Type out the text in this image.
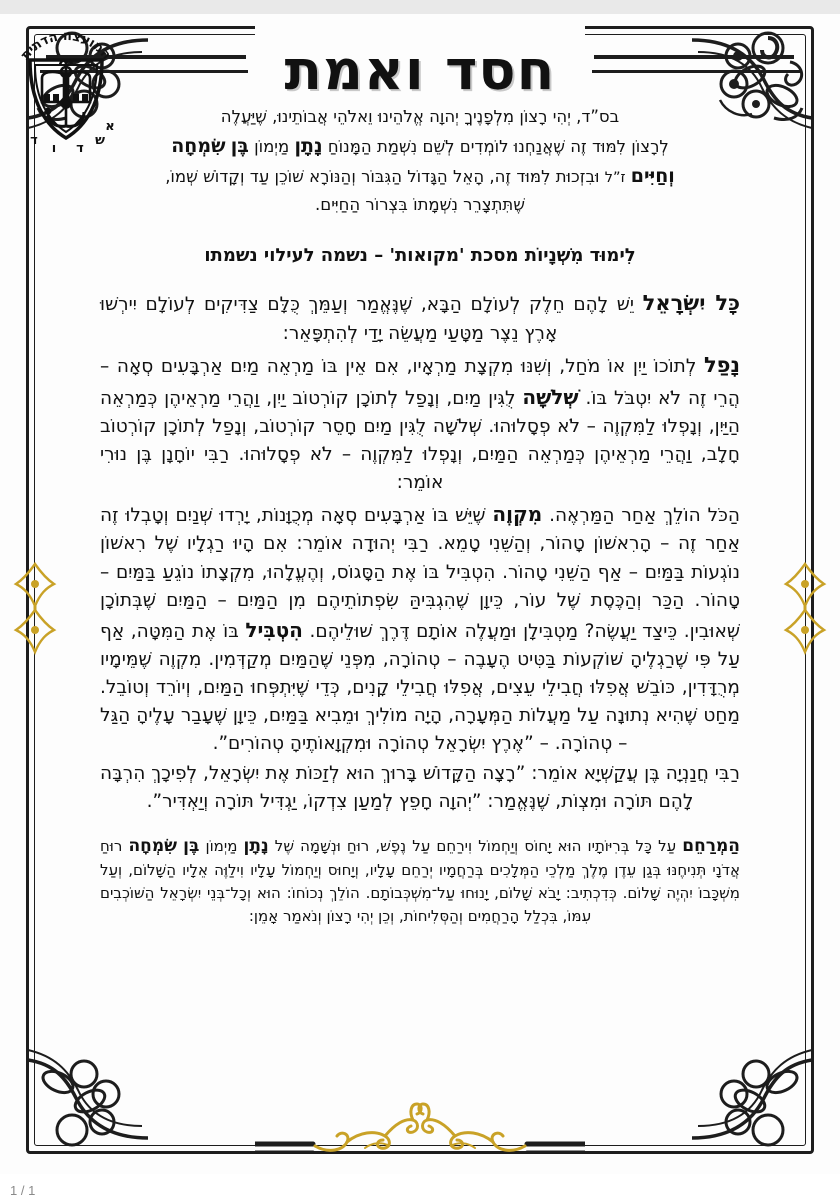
המועצה הדתית
א
ש
ד
ו
ד
חסד ואמת
בס”ד, יְהִי רָצוֹן מִלְפָנֶיךָ יְהוָה אֱלֹהֵינוּ וֵאלֹהֵי אֲבוֹתֵינוּ, שֶׁיַּעֲלֶה
לְרָצוֹן לִמּוּד זֶה שֶׁאֲנַחְנוּ לוֹמְדִים לְשֵׁם נִשְׁמַת הַמָּנוֹחַ נָתָן מַיְמוֹן בֶּן שִׂמְחָה
וְחַיִּים ז”ל וּבִזְכוּת לִמּוּד זֶה, הָאֵל הַגָּדוֹל הַגִּבּוֹר וְהַנּוֹרָא שׁוֹכֵן עַד וְקָדוֹשׁ שְׁמוֹ,
שֶׁתִּתְצָרֵר נִשְׁמָתוֹ בִּצְרוֹר הַחַיִּים.
לִימוּד מִשְׁנָיוֹת מסכת 'מקואות' – נשמה לעילוי נשמתו

כָּל יִשְׂרָאֵל יֵשׁ לָהֶם חֵלֶק לְעוֹלָם הַבָּא, שֶׁנֶּאֱמַר וְעַמֵּךְ כֻּלָּם צַדִּיקִים לְעוֹלָם יִירְשׁוּ אָרֶץ נֵצֶר מַטָּעַי מַעֲשֵׂה יָדַי לְהִתְפָּאֵר:

נָפַל לְתוֹכוֹ יַיִן אוֹ מֹחַל, וְשִׁנּוּ מִקְצָת מַרְאָיו, אִם אֵין בּוֹ מַרְאֵה מַיִם אַרְבָּעִים סְאָה – הֲרֵי זֶה לֹא יִטְבֹּל בּוֹ. שְׁלֹשָׁה לֻגִּין מַיִם, וְנָפַל לְתוֹכָן קוֹרְטוֹב יַיִן, וַהֲרֵי מַרְאֵיהֶן כְּמַרְאֵה הַיַּיִן, וְנָפְלוּ לַמִּקְוֶה – לֹא פְסָלוּהוּ. שְׁלֹשָׁה לֻגִּין מַיִם חָסֵר קוֹרְטוֹב, וְנָפַל לְתוֹכָן קוֹרְטוֹב חָלָב, וַהֲרֵי מַרְאֵיהֶן כְּמַרְאֵה הַמַּיִם, וְנָפְלוּ לַמִּקְוֶה – לֹא פְסָלוּהוּ. רַבִּי יוֹחָנָן בֶּן נוּרִי אוֹמֵר:

הַכֹּל הוֹלֵךְ אַחַר הַמַּרְאֶה. מִקְוֶה שֶׁיֵּשׁ בּוֹ אַרְבָּעִים סְאָה מְכֻוָּנוֹת, יָרְדוּ שְׁנַיִם וְטָבְלוּ זֶה אַחַר זֶה – הָרִאשׁוֹן טָהוֹר, וְהַשֵּׁנִי טָמֵא. רַבִּי יְהוּדָה אוֹמֵר: אִם הָיוּ רַגְלָיו שֶׁל רִאשׁוֹן נוֹגְעוֹת בַּמַּיִם – אַף הַשֵּׁנִי טָהוֹר. הִטְבִּיל בּוֹ אֶת הַסָּגוֹס, וְהֶעֱלָהוּ, מִקְצָתוֹ נוֹגֵעַ בַּמַּיִם – טָהוֹר. הַכַּר וְהַכֶּסֶת שֶׁל עוֹר, כֵּיוָן שֶׁהִגְבִּיהַּ שִׂפְתוֹתֵיהֶם מִן הַמַּיִם – הַמַּיִם שֶׁבְּתוֹכָן שְׁאוּבִין. כֵּיצַד יַעֲשֶׂה? מַטְבִּילָן וּמַעֲלֶה אוֹתָם דֶּרֶךְ שׁוּלֵיהֶם. הִטְבִּיל בּוֹ אֶת הַמִּטָּה, אַף עַל פִּי שֶׁרַגְלֶיהָ שׁוֹקְעוֹת בַּטִּיט הֶעָבֶה – טְהוֹרָה, מִפְּנֵי שֶׁהַמַּיִם מְקַדְּמִין. מִקְוֶה שֶׁמֵּימָיו מְרֻדָּדִין, כּוֹבֵשׁ אֲפִלּוּ חֲבִילֵי עֵצִים, אֲפִלּוּ חֲבִילֵי קָנִים, כְּדֵי שֶׁיִּתְפְּחוּ הַמַּיִם, וְיוֹרֵד וְטוֹבֵל. מַחַט שֶׁהִיא נְתוּנָה עַל מַעֲלוֹת הַמְּעָרָה, הָיָה מוֹלִיךְ וּמֵבִיא בַּמַּיִם, כֵּיוָן שֶׁעָבַר עָלֶיהָ הַגַּל – טְהוֹרָה. – ”אֶרֶץ יִשְׂרָאֵל טְהוֹרָה וּמִקְוָאוֹתֶיהָ טְהוֹרִים”.

רַבִּי חֲנַנְיָה בֶּן עֲקַשְׁיָא אוֹמֵר: ”רָצָה הַקָּדוֹשׁ בָּרוּךְ הוּא לְזַכּוֹת אֶת יִשְׂרָאֵל, לְפִיכָךְ הִרְבָּה לָהֶם תּוֹרָה וּמִצְוֹת, שֶׁנֶּאֱמַר: ”יְהוָה חָפֵץ לְמַעַן צִדְקוֹ, יַגְדִּיל תּוֹרָה וְיַאְדִּיר”.

הַמְרַחֵם עַל כָּל בְּרִיּוֹתָיו הוּא יָחוֹס וְיַחְמוֹל וִירַחֵם עַל נֶפֶשׁ, רוּחַ וּנְשָׁמָה שֶׁל נָתָן מַיְמוֹן בֶּן שִׂמְחָה רוּחַ אֲדֹנָי תְּנִיחֶנּוּ בְּגַן עֵדֶן מֶלֶךְ מַלְכֵי הַמְּלָכִים בְּרַחֲמָיו יְרַחֵם עָלָיו, וְיָחוּס וְיַחְמוֹל עָלָיו וִילַוֶּה אֵלָיו הַשָּׁלוֹם, וְעַל מִשְׁכָּבוֹ יִהְיֶה שָׁלוֹם. כְּדִכְתִיב: יָבֹא שָׁלוֹם, יָנוּחוּ עַל־מִשְׁכְּבוֹתָם. הוֹלֵךְ נְכוֹחוֹ: הוּא וְכָל־בְּנֵי יִשְׂרָאֵל הַשּׁוֹכְבִים עִמּוֹ, בִּכְלַל הָרַחֲמִים וְהַסְּלִיחוֹת, וְכֵן יְהִי רָצוֹן וְנֹאמַר אָמֵן:

1 / 1
